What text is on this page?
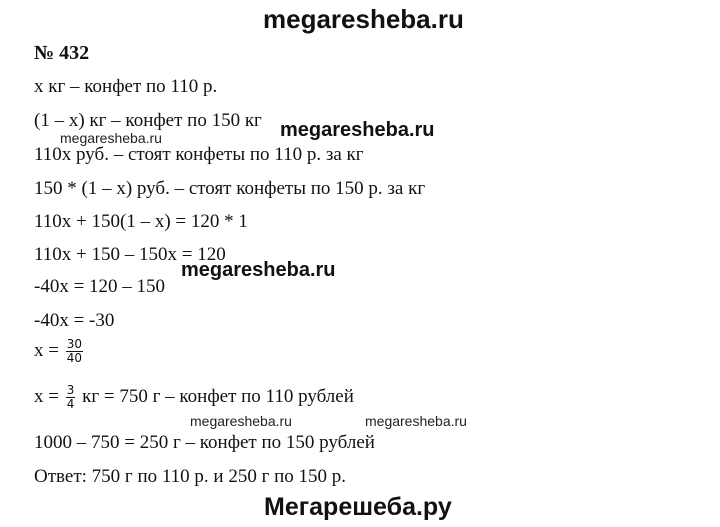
megaresheba.ru
№ 432
х кг – конфет по 110 р.
(1 – х) кг – конфет по 150 кг
megaresheba.ru	megaresheba.ru
110х руб. – стоят конфеты по 110 р. за кг
150 * (1 – х) руб. – стоят конфеты по 150 р. за кг
110х + 150(1 – х) = 120 * 1
110х + 150 – 150х = 120
megaresheba.ru
-40х = 120 – 150
-40х = -30
$х = \frac{30}{40}$
$х = \frac{3}{4}$ кг = 750 г – конфет по 110 рублей
megaresheba.ru	megaresheba.ru
1000 – 750 = 250 г – конфет по 150 рублей
Ответ: 750 г по 110 р. и 250 г по 150 р.
Мегарешеба.ру
